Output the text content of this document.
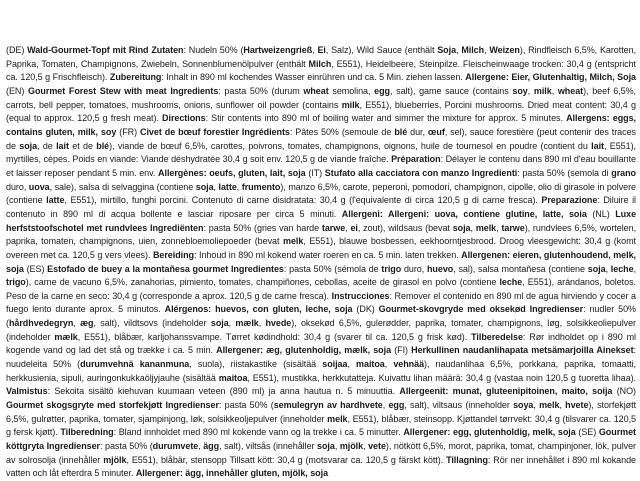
(DE) Wald-Gourmet-Topf mit Rind Zutaten: Nudeln 50% (Hartweizengrieß, Ei, Salz), Wild Sauce (enthält Soja, Milch, Weizen), Rindfleisch 6,5%, Karotten, Paprika, Tomaten, Champignons, Zwiebeln, Sonnenblumenölpulver (enthält Milch, E551), Heidelbeere, Steinpilze. Fleischeinwaage trocken: 30,4 g (entspricht ca. 120,5 g Frischfleisch). Zubereitung: Inhalt in 890 ml kochendes Wasser einrühren und ca. 5 Min. ziehen lassen. Allergene: Eier, Glutenhaltig, Milch, Soja (EN) Gourmet Forest Stew with meat Ingredients: pasta 50% (durum wheat semolina, egg, salt), game sauce (contains soy, milk, wheat), beef 6,5%, carrots, bell pepper, tomatoes, mushrooms, onions, sunflower oil powder (contains milk, E551), blueberries, Porcini mushrooms. Dried meat content: 30,4 g (equal to approx. 120,5 g fresh meat). Directions: Stir contents into 890 ml of boiling water and simmer the mixture for approx. 5 minutes. Allergens: eggs, contains gluten, milk, soy (FR) Civet de bœuf forestier Ingrédients: Pâtes 50% (semoule de blé dur, œuf, sel), sauce forestière (peut contenir des traces de soja, de lait et de blé), viande de bœuf 6,5%, carottes, poivrons, tomates, champignons, oignons, huile de tournesol en poudre (contient du lait, E551), myrtilles, cèpes. Poids en viande: Viande déshydratée 30,4 g soit env. 120,5 g de viande fraîche. Préparation: Délayer le contenu dans 890 ml d'eau bouillante et laisser reposer pendant 5 min. env. Allergènes: oeufs, gluten, lait, soja (IT) Stufato alla cacciatora con manzo Ingredienti: pasta 50% (semola di grano duro, uova, sale), salsa di selvaggina (contiene soja, latte, frumento), manzo 6,5%, carote, peperoni, pomodori, champignon, cipolle, olio di girasole in polvere (contiene latte, E551), mirtillo, funghi porcini. Contenuto di carne disidratata: 30,4 g (l'equivalente di circa 120,5 g di carne fresca). Preparazione: Diluire il contenuto in 890 ml di acqua bollente e lasciar riposare per circa 5 minuti. Allergeni: Allergeni: uova, contiene glutine, latte, soia (NL) Luxe herfststoofschotel met rundvlees Ingrediënten: pasta 50% (gries van harde tarwe, ei, zout), wildsaus (bevat soja, melk, tarwe), rundvlees 6,5%, wortelen, paprika, tomaten, champignons, uien, zonnebloemoliepoeder (bevat melk, E551), blauwe bosbessen, eekhoorntjesbrood. Droog vleesgewicht: 30,4 g (komt overeen met ca. 120,5 g vers vlees). Bereiding: Inhoud in 890 ml kokend water roeren en ca. 5 min. laten trekken. Allergenen: eieren, glutenhoudend, melk, soja (ES) Estofado de buey a la montañesa gourmet Ingredientes: pasta 50% (sémola de trigo duro, huevo, sal), salsa montañesa (contiene soja, leche, trigo), carne de vacuno 6,5%, zanahorias, pimiento, tomates, champiñones, cebollas, aceite de girasol en polvo (contiene leche, E551), arándanos, boletos. Peso de la carne en seco: 30,4 g (corresponde a aprox. 120,5 g de carne fresca). Instrucciones: Remover el contenido en 890 ml de agua hirviendo y cocer a fuego lento durante aprox. 5 minutos. Alérgenos: huevos, con gluten, leche, soja (DK) Gourmet-skovgryde med oksekød Ingredienser: nudler 50% (hårdhvedegryn, æg, salt), vildtsovs (indeholder soja, mælk, hvede), oksekød 6,5%, gulerødder, paprika, tomater, champignons, løg, solsikkeoliepulver (indeholder mælk, E551), blåbær, karljohanssvampe. Tørret kødindhold: 30,4 g (svarer til ca. 120,5 g frisk kød). Tilberedelse: Rør indholdet op i 890 ml kogende vand og lad det stå og trække i ca. 5 min. Allergener: æg, glutenholdig, mælk, soja (FI) Herkullinen naudanlihapata metsämarjoilla Ainekset: nuudeleita 50% (durumvehnä kananmuna, suola), riistakastike (sisältää soijaa, maitoa, vehnää), naudanlihaa 6,5%, porkkana, paprika, tomaatti, herkkusienia, sipuli, auringonkukkaöljyjauhe (sisältää maitoa, E551), mustikka, herkkutatteja. Kuivattu lihan määrä: 30,4 g (vastaa noin 120,5 g tuoretta lihaa). Valmistus: Sekoita sisältö kiehuvan kuumaan veteen (890 ml) ja anna hautua n. 5 minuuttia. Allergeenit: munat, gluteenipitoinen, maito, soija (NO) Gourmet skogsgryte med storfekjøtt Ingredienser: pasta 50% (semulegryn av hardhvete, egg, salt), viltsaus (inneholder soya, melk, hvete), storfekjøtt 6,5%, gulrøtter, paprika, tomater, sjampinjong, løk, solsikkeoljepulver (inneholder melk, E551), blåbær, steinsopp. Kjøttandel tørrvekt: 30,4 g (tilsvarer ca. 120,5 g fersk kjøtt). Tilberedning: Bland innholdet med 890 ml kokende vann og la trekke i ca. 5 minutter. Allergener: egg, glutenholdig, melk, soja (SE) Gourmet köttgryta Ingredienser: pasta 50% (durumvete, ägg, salt), viltsås (innehåller soja, mjölk, vete), nötkött 6,5%, morot, paprika, tomat, champinjoner, lök, pulver av solrosolja (innehåller mjölk, E551), blåbär, stensopp Tillsatt kött: 30,4 g (motsvarar ca. 120,5 g färskt kött). Tillagning: Rör ner innehållet i 890 ml kokande vatten och låt efterdra 5 minuter. Allergener: ägg, innehåller gluten, mjölk, soja
